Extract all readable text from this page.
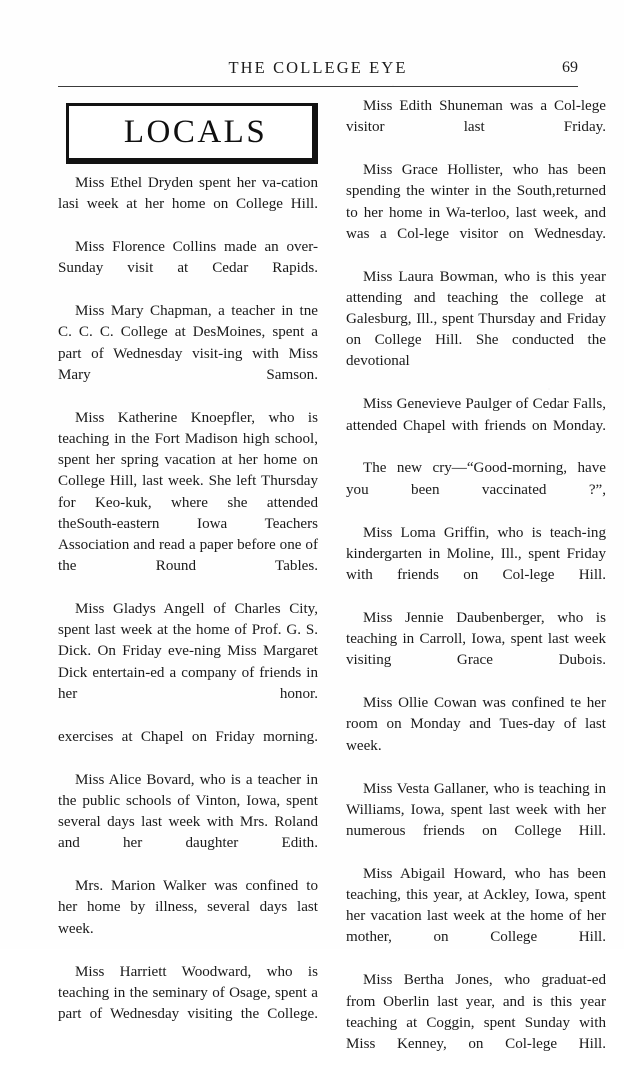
THE COLLEGE EYE	69
LOCALS

Miss Ethel Dryden spent her va-cation lasi week at her home on College Hill.

Miss Florence Collins made an over-Sunday visit at Cedar Rapids.

Miss Mary Chapman, a teacher in tne C. C. C. College at DesMoines, spent a part of Wednesday visit-ing with Miss Mary Samson.

Miss Katherine Knoepfler, who is teaching in the Fort Madison high school, spent her spring vacation at her home on College Hill, last week. She left Thursday for Keo-kuk, where she attended theSouth-eastern Iowa Teachers Association and read a paper before one of the Round Tables.

Miss Gladys Angell of Charles City, spent last week at the home of Prof. G. S. Dick. On Friday eve-ning Miss Margaret Dick entertain-ed a company of friends in her honor.

exercises at Chapel on Friday morning.

Miss Alice Bovard, who is a teacher in the public schools of Vinton, Iowa, spent several days last week with Mrs. Roland and her daughter Edith.

Mrs. Marion Walker was confined to her home by illness, several days last week.

Miss Harriett Woodward, who is teaching in the seminary of Osage, spent a part of Wednesday visiting the College.

Miss Edith Shuneman was a Col-lege visitor last Friday.

Miss Grace Hollister, who has been spending the winter in the South,returned to her home in Wa-terloo, last week, and was a Col-lege visitor on Wednesday.

Miss Laura Bowman, who is this year attending and teaching the college at Galesburg, Ill., spent Thursday and Friday on College Hill. She conducted the devotional

Miss Genevieve Paulger of Cedar Falls, attended Chapel with friends on Monday.

The new cry—“Good-morning, have you been vaccinated ?”,

Miss Loma Griffin, who is teach-ing kindergarten in Moline, Ill., spent Friday with friends on Col-lege Hill.

Miss Jennie Daubenberger, who is teaching in Carroll, Iowa, spent last week visiting Grace Dubois.

Miss Ollie Cowan was confined te her room on Monday and Tues-day of last week.

Miss Vesta Gallaner, who is teaching in Williams, Iowa, spent last week with her numerous friends on College Hill.

Miss Abigail Howard, who has been teaching, this year, at Ackley, Iowa, spent her vacation last week at the home of her mother, on College Hill.

Miss Bertha Jones, who graduat-ed from Oberlin last year, and is this year teaching at Coggin, spent Sunday with Miss Kenney, on Col-lege Hill.
